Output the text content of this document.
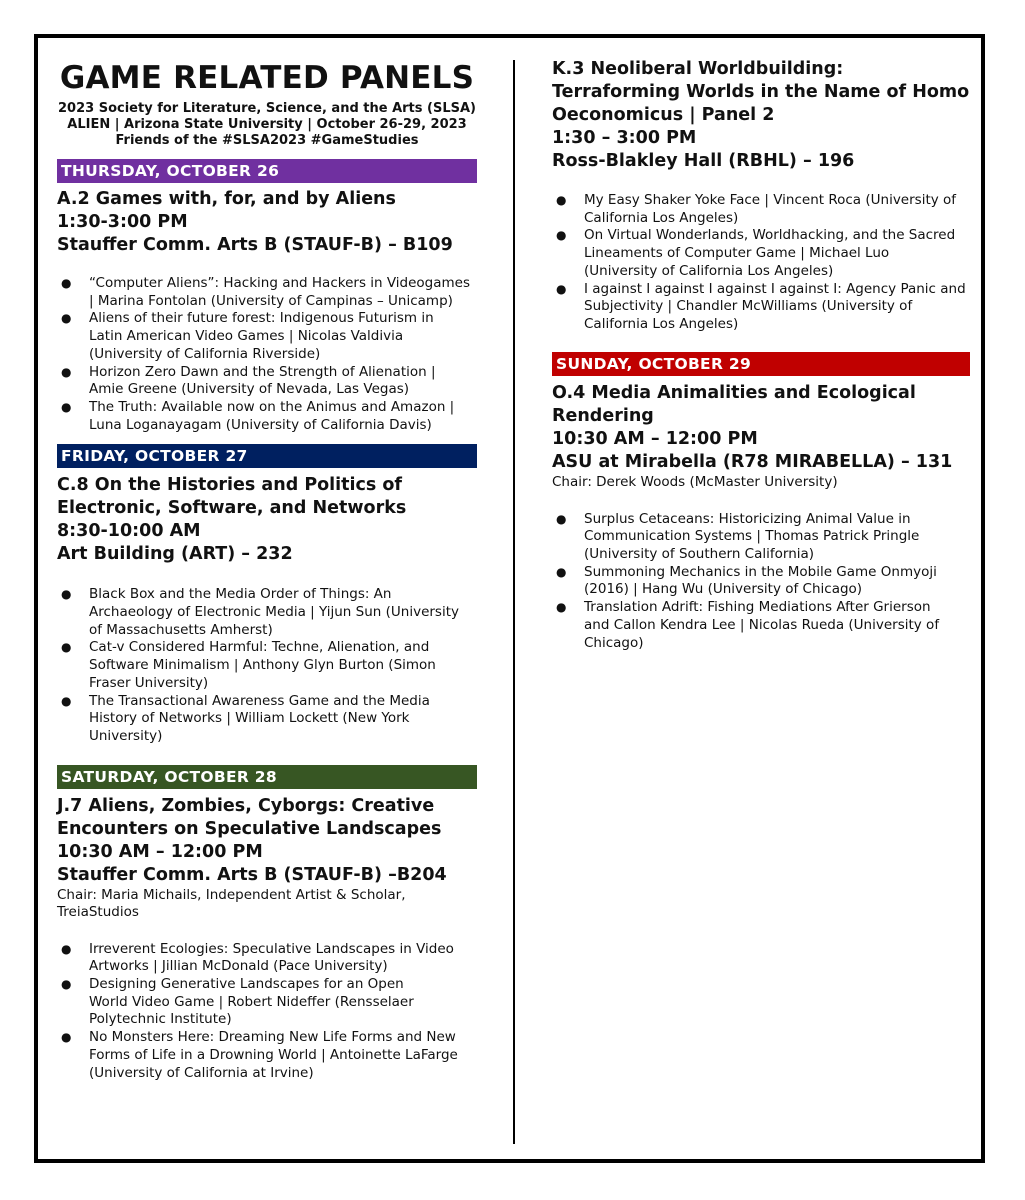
GAME RELATED PANELS
2023 Society for Literature, Science, and the Arts (SLSA)
ALIEN | Arizona State University | October 26-29, 2023
Friends of the #SLSA2023 #GameStudies
THURSDAY, OCTOBER 26
A.2 Games with, for, and by Aliens
1:30-3:00 PM
Stauffer Comm. Arts B (STAUF-B) – B109
● “Computer Aliens”: Hacking and Hackers in Videogames
| Marina Fontolan (University of Campinas – Unicamp)
● Aliens of their future forest: Indigenous Futurism in
Latin American Video Games | Nicolas Valdivia
(University of California Riverside)
● Horizon Zero Dawn and the Strength of Alienation |
Amie Greene (University of Nevada, Las Vegas)
● The Truth: Available now on the Animus and Amazon |
Luna Loganayagam (University of California Davis)
FRIDAY, OCTOBER 27
C.8 On the Histories and Politics of
Electronic, Software, and Networks
8:30-10:00 AM
Art Building (ART) – 232
● Black Box and the Media Order of Things: An
Archaeology of Electronic Media | Yijun Sun (University
of Massachusetts Amherst)
● Cat-v Considered Harmful: Techne, Alienation, and
Software Minimalism | Anthony Glyn Burton (Simon
Fraser University)
● The Transactional Awareness Game and the Media
History of Networks | William Lockett (New York
University)
SATURDAY, OCTOBER 28
J.7 Aliens, Zombies, Cyborgs: Creative
Encounters on Speculative Landscapes
10:30 AM – 12:00 PM
Stauffer Comm. Arts B (STAUF-B) –B204
Chair: Maria Michails, Independent Artist & Scholar,
TreiaStudios
● Irreverent Ecologies: Speculative Landscapes in Video
Artworks | Jillian McDonald (Pace University)
● Designing Generative Landscapes for an Open
World Video Game | Robert Nideffer (Rensselaer
Polytechnic Institute)
● No Monsters Here: Dreaming New Life Forms and New
Forms of Life in a Drowning World | Antoinette LaFarge
(University of California at Irvine)
K.3 Neoliberal Worldbuilding:
Terraforming Worlds in the Name of Homo
Oeconomicus | Panel 2
1:30 – 3:00 PM
Ross-Blakley Hall (RBHL) – 196
● My Easy Shaker Yoke Face | Vincent Roca (University of
California Los Angeles)
● On Virtual Wonderlands, Worldhacking, and the Sacred
Lineaments of Computer Game | Michael Luo
(University of California Los Angeles)
● I against I against I against I against I: Agency Panic and
Subjectivity | Chandler McWilliams (University of
California Los Angeles)
SUNDAY, OCTOBER 29
O.4 Media Animalities and Ecological
Rendering
10:30 AM – 12:00 PM
ASU at Mirabella (R78 MIRABELLA) – 131
Chair: Derek Woods (McMaster University)
● Surplus Cetaceans: Historicizing Animal Value in
Communication Systems | Thomas Patrick Pringle
(University of Southern California)
● Summoning Mechanics in the Mobile Game Onmyoji
(2016) | Hang Wu (University of Chicago)
● Translation Adrift: Fishing Mediations After Grierson
and Callon Kendra Lee | Nicolas Rueda (University of
Chicago)
